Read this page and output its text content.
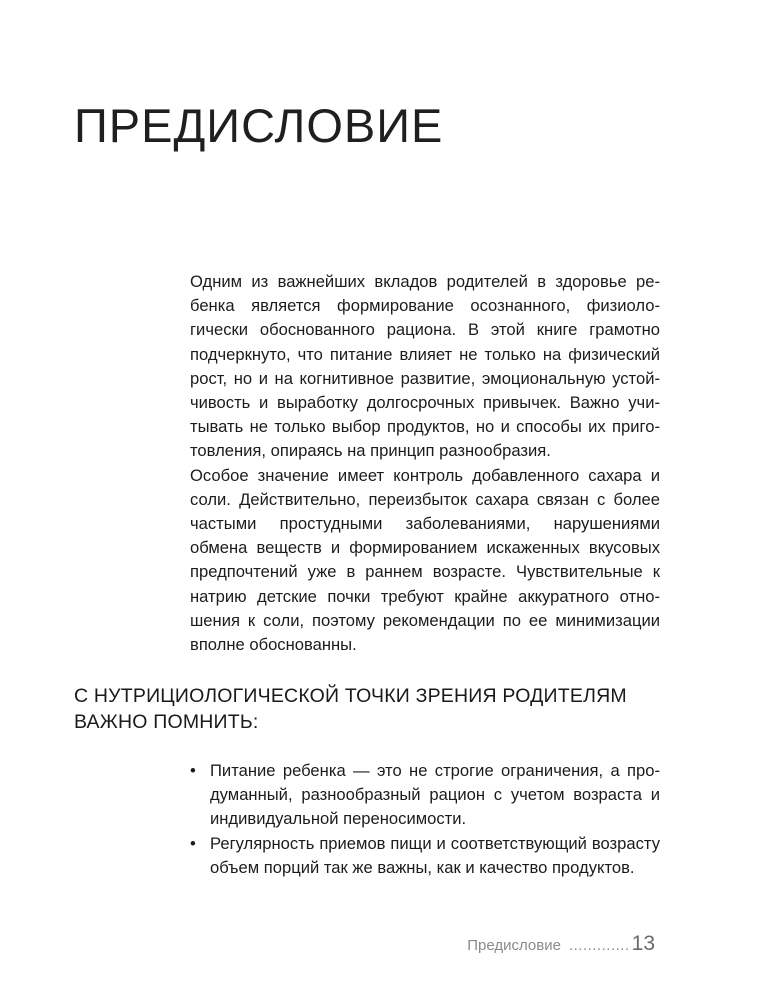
ПРЕДИСЛОВИЕ

Одним из важнейших вкладов родителей в здоровье ребенка является формирование осознанного, физиологически обоснованного рациона. В этой книге грамотно подчеркнуто, что питание влияет не только на физический рост, но и на когнитивное развитие, эмоциональную устойчивость и выработку долгосрочных привычек. Важно учитывать не только выбор продуктов, но и способы их приготовления, опираясь на принцип разнообразия.

Особое значение имеет контроль добавленного сахара и соли. Действительно, переизбыток сахара связан с более частыми простудными заболеваниями, нарушениями обмена веществ и формированием искаженных вкусовых предпочтений уже в раннем возрасте. Чувствительные к натрию детские почки требуют крайне аккуратного отношения к соли, поэтому рекомендации по ее минимизации вполне обоснованны.

С НУТРИЦИОЛОГИЧЕСКОЙ ТОЧКИ ЗРЕНИЯ РОДИТЕЛЯМ ВАЖНО ПОМНИТЬ:
• Питание ребенка — это не строгие ограничения, а продуманный, разнообразный рацион с учетом возраста и индивидуальной переносимости.
• Регулярность приемов пищи и соответствующий возрасту объем порций так же важны, как и качество продуктов.
Предисловие ............. 13
